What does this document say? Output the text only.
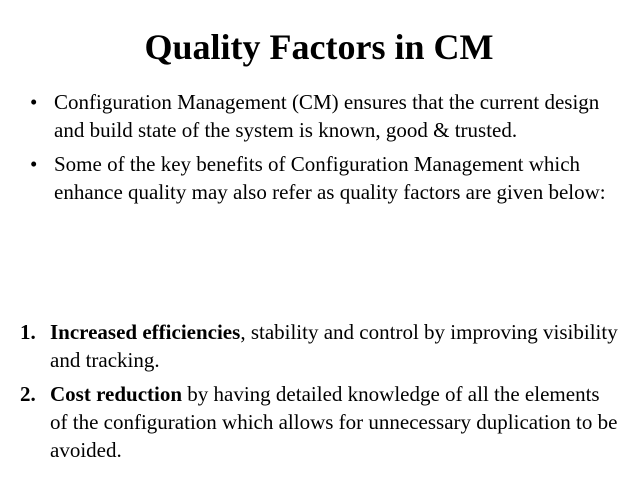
Quality Factors in CM
• Configuration Management (CM) ensures that the current design and build state of the system is known, good & trusted.
• Some of the key benefits of Configuration Management which enhance quality may also refer as quality factors are given below:
1. Increased efficiencies, stability and control by improving visibility and tracking.
2. Cost reduction by having detailed knowledge of all the elements of the configuration which allows for unnecessary duplication to be avoided.
